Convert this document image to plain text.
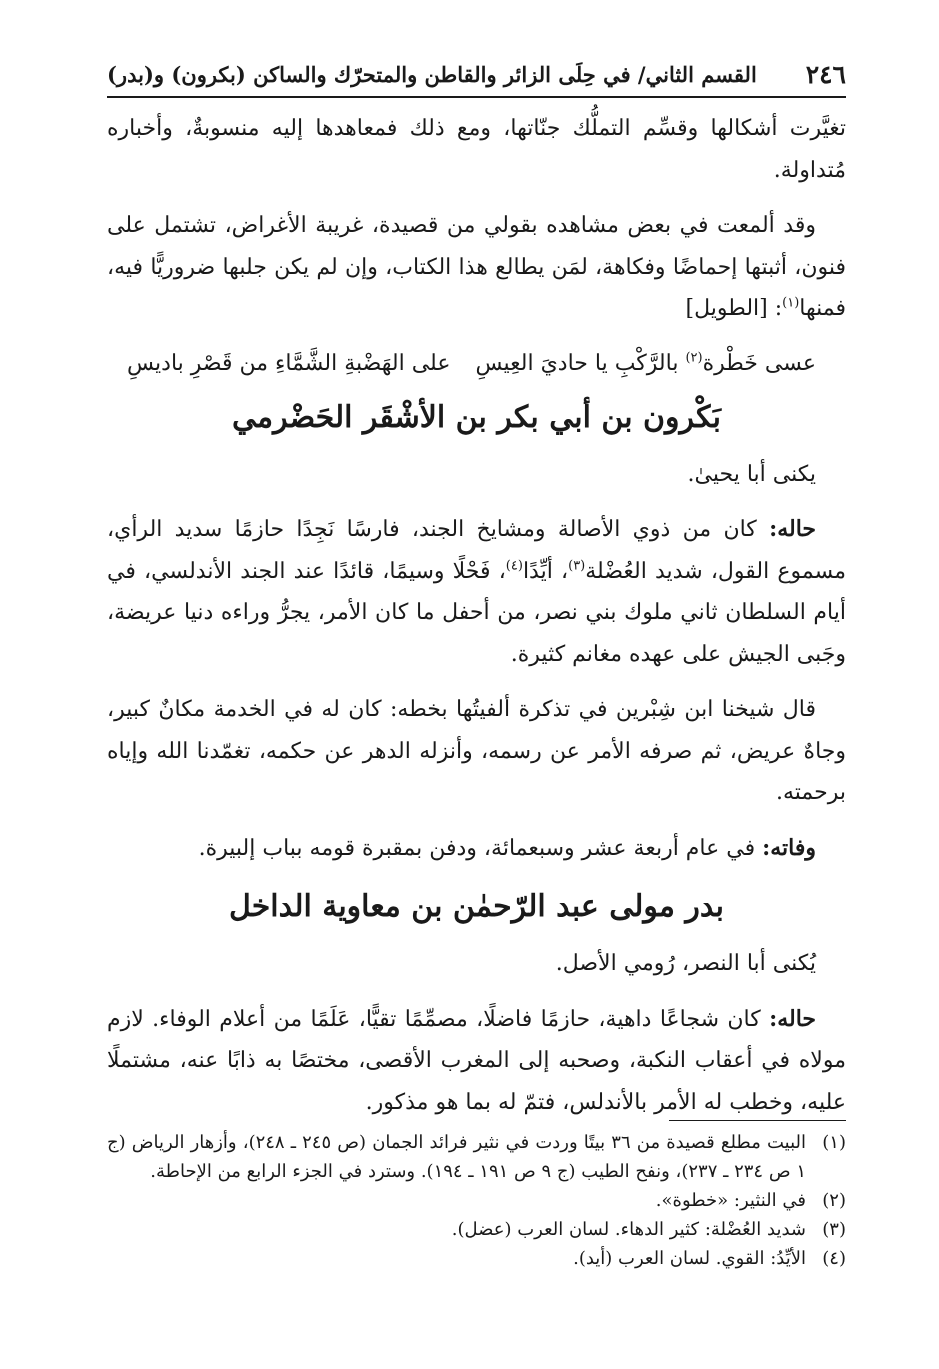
٢٤٦
القسم الثاني/ في حِلَى الزائر والقاطن والمتحرّك والساكن (بكرون) و(بدر)

تغيَّرت أشكالها وقسِّم التملُّك جنّاتها، ومع ذلك فمعاهدها إليه منسوبةٌ، وأخباره مُتداولة.

وقد ألمعت في بعض مشاهده بقولي من قصيدة، غريبة الأغراض، تشتمل على فنون، أثبتها إحماضًا وفكاهة، لمَن يطالع هذا الكتاب، وإن لم يكن جلبها ضروريًّا فيه، فمنها$^{(١)}$: [الطويل]

عسى خَطْرة$^{(٢)}$ بالرَّكْبِ يا حاديَ العِيسِ
على الهَضْبةِ الشَّمَّاءِ من قَصْرِ باديسِ
بَكْرون بن أبي بكر بن الأشْقَر الحَضْرمي

يكنى أبا يحيىٰ.

حاله: كان من ذوي الأصالة ومشايخ الجند، فارسًا نَجِدًا حازمًا سديد الرأي، مسموع القول، شديد العُضْلة$^{(٣)}$، أيِّدًا$^{(٤)}$، فَحْلًا وسيمًا، قائدًا عند الجند الأندلسي، في أيام السلطان ثاني ملوك بني نصر، من أحفل ما كان الأمر، يجرُّ وراءه دنيا عريضة، وجَبى الجيش على عهده مغانم كثيرة.

قال شيخنا ابن شِبْرين في تذكرة ألفيتُها بخطه: كان له في الخدمة مكانٌ كبير، وجاهٌ عريض، ثم صرفه الأمر عن رسمه، وأنزله الدهر عن حكمه، تغمّدنا الله وإياه برحمته.

وفاته: في عام أربعة عشر وسبعمائة، ودفن بمقبرة قومه بباب إلبيرة.

بدر مولى عبد الرّحمٰن بن معاوية الداخل

يُكنى أبا النصر، رُومي الأصل.

حاله: كان شجاعًا داهية، حازمًا فاضلًا، مصمِّمًا تقيًّا، عَلَمًا من أعلام الوفاء. لازم مولاه في أعقاب النكبة، وصحبه إلى المغرب الأقصى، مختصًا به ذابًا عنه، مشتملًا عليه، وخطب له الأمر بالأندلس، فتمّ له بما هو مذكور.

(١)
البيت مطلع قصيدة من ٣٦ بيتًا وردت في نثير فرائد الجمان (ص ٢٤٥ ـ ٢٤٨)، وأزهار الرياض (ج ١ ص ٢٣٤ ـ ٢٣٧)، ونفح الطيب (ج ٩ ص ١٩١ ـ ١٩٤). وسترد في الجزء الرابع من الإحاطة.
(٢)
في النثير: «خطوة».
(٣)
شديد العُضْلة: كثير الدهاء. لسان العرب (عضل).
(٤)
الأيِّدُ: القوي. لسان العرب (أيد).
